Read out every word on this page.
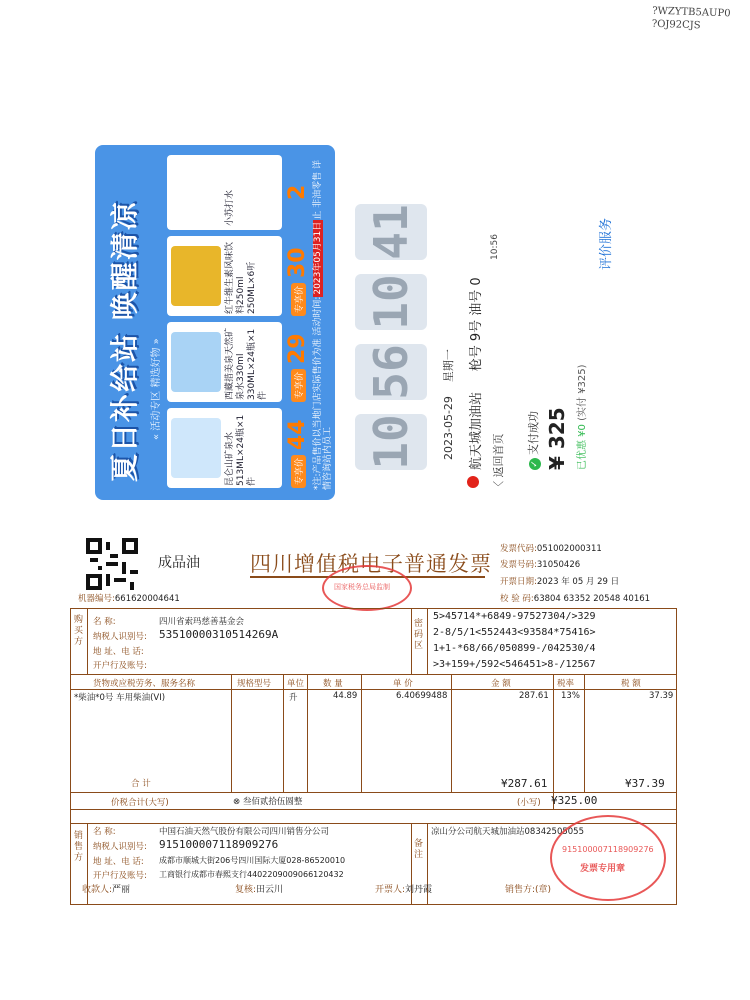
?WZYTB5AUP0
?OJ92CJS
夏日补给站 唤醒清凉	« 活动专区 精选好物 »
昆仑山矿泉水 513ML×24瓶×1件	专享价
44
西藏措美泉天然矿泉水330ml 330ML×24瓶×1件	专享价
29
红牛维生素风味饮料250ml 250ML×6听	专享价
30
小苏打水 2
*注:产品售价以当地门店实际售价为准 活动时间:2023年05月31日止 非油零售 详情咨询站内员工 10
56
10
41
2023-05-29    星期一
航天城加油站     枪号 9号 油号 0
〈 返回首页
10:56
✓支付成功 ¥ 325 已优惠 ¥0 (实付 ¥325)
评价服务
成品油 四川增值税电子普通发票
国家税务总局监制
发票代码:051002000311
发票号码:31050426
开票日期:2023 年 05 月 29 日
校 验 码:63804 63352 20548 40161
机器编号:661620004641
购买方
名 称:	四川省索玛慈善基金会
纳税人识别号: 53510000310514269A
地 址、电 话:
开户行及账号:
密码区
5>45714*+6849-97527304/>329
2-8/5/1<552443<93584*75416>
1+1-*68/66/050899-/042530/4
>3+159+/592<546451>8-/12567
货物或应税劳务、服务名称	规格型号 单位 数 量	单 价	金 额	税率	税 额
*柴油*0号 车用柴油(VI)	升	44.89	6.40699488	287.61 13%	37.39
合 计	¥287.61	¥37.39
价税合计(大写)	⊗ 叁佰贰拾伍圆整	(小写) ¥325.00
销售方
名 称:	中国石油天然气股份有限公司四川销售分公司
纳税人识别号: 915100007118909276
地 址、电 话: 成都市顺城大街206号四川国际大厦028-86520010
开户行及账号: 工商银行成都市春熙支行4402209009066120432
备注
凉山分公司航天城加油站08342505055
915100007118909276
发票专用章
收款人:严丽	复核:田云川	开票人:刘丹霞	销售方:(章)
